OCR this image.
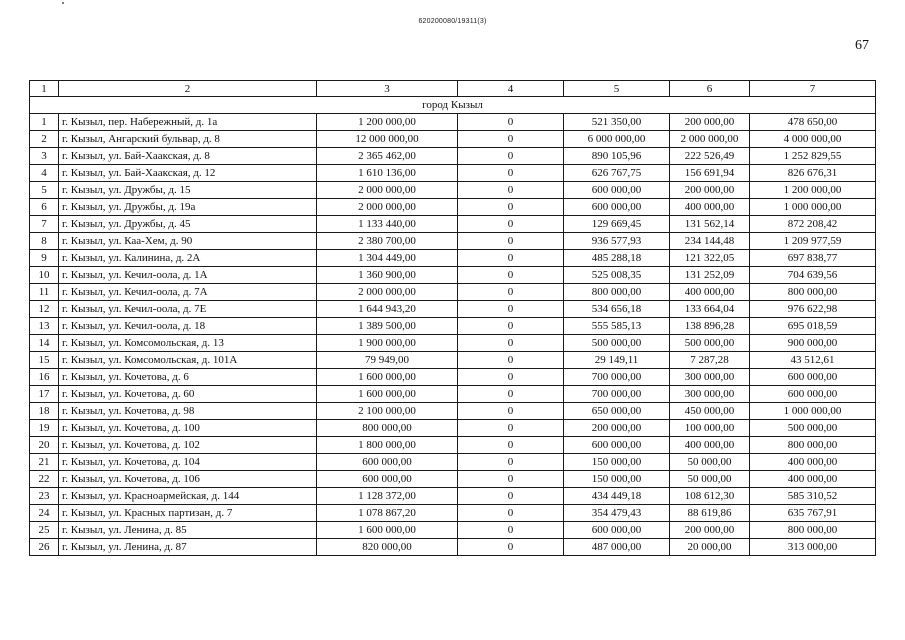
620200080/19311(3)
67
1	2	3	4	5	6	7
город Кызыл						
1	г. Кызыл, пер. Набережный, д. 1а	1 200 000,00	0	521 350,00	200 000,00	478 650,00
2	г. Кызыл, Ангарский бульвар, д. 8	12 000 000,00	0	6 000 000,00	2 000 000,00	4 000 000,00
3	г. Кызыл, ул. Бай-Хаакская, д. 8	2 365 462,00	0	890 105,96	222 526,49	1 252 829,55
4	г. Кызыл, ул. Бай-Хаакская, д. 12	1 610 136,00	0	626 767,75	156 691,94	826 676,31
5	г. Кызыл, ул. Дружбы, д. 15	2 000 000,00	0	600 000,00	200 000,00	1 200 000,00
6	г. Кызыл, ул. Дружбы, д. 19а	2 000 000,00	0	600 000,00	400 000,00	1 000 000,00
7	г. Кызыл, ул. Дружбы, д. 45	1 133 440,00	0	129 669,45	131 562,14	872 208,42
8	г. Кызыл, ул. Каа-Хем, д. 90	2 380 700,00	0	936 577,93	234 144,48	1 209 977,59
9	г. Кызыл, ул. Калинина, д. 2А	1 304 449,00	0	485 288,18	121 322,05	697 838,77
10	г. Кызыл, ул. Кечил-оола, д. 1А	1 360 900,00	0	525 008,35	131 252,09	704 639,56
11	г. Кызыл, ул. Кечил-оола, д. 7А	2 000 000,00	0	800 000,00	400 000,00	800 000,00
12	г. Кызыл, ул. Кечил-оола, д. 7Е	1 644 943,20	0	534 656,18	133 664,04	976 622,98
13	г. Кызыл, ул. Кечил-оола, д. 18	1 389 500,00	0	555 585,13	138 896,28	695 018,59
14	г. Кызыл, ул. Комсомольская, д. 13	1 900 000,00	0	500 000,00	500 000,00	900 000,00
15	г. Кызыл, ул. Комсомольская, д. 101А	79 949,00	0	29 149,11	7 287,28	43 512,61
16	г. Кызыл, ул. Кочетова, д. 6	1 600 000,00	0	700 000,00	300 000,00	600 000,00
17	г. Кызыл, ул. Кочетова, д. 60	1 600 000,00	0	700 000,00	300 000,00	600 000,00
18	г. Кызыл, ул. Кочетова, д. 98	2 100 000,00	0	650 000,00	450 000,00	1 000 000,00
19	г. Кызыл, ул. Кочетова, д. 100	800 000,00	0	200 000,00	100 000,00	500 000,00
20	г. Кызыл, ул. Кочетова, д. 102	1 800 000,00	0	600 000,00	400 000,00	800 000,00
21	г. Кызыл, ул. Кочетова, д. 104	600 000,00	0	150 000,00	50 000,00	400 000,00
22	г. Кызыл, ул. Кочетова, д. 106	600 000,00	0	150 000,00	50 000,00	400 000,00
23	г. Кызыл, ул. Красноармейская, д. 144	1 128 372,00	0	434 449,18	108 612,30	585 310,52
24	г. Кызыл, ул. Красных партизан, д. 7	1 078 867,20	0	354 479,43	88 619,86	635 767,91
25	г. Кызыл, ул. Ленина, д. 85	1 600 000,00	0	600 000,00	200 000,00	800 000,00
26	г. Кызыл, ул. Ленина, д. 87	820 000,00	0	487 000,00	20 000,00	313 000,00
